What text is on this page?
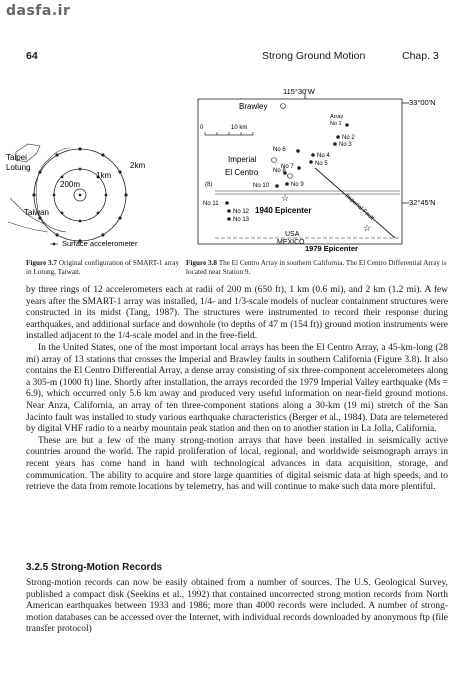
dasfa.ir
64	Strong Ground Motion	Chap. 3
Taipei
Lotung	2km
1km
200m
Taiwan
Surface accelerometer
115°30'W
33°00'N
32°45'N
Brawley
0	10 km
Array
No 1
No 2
No 3
No 4
No 5
No 6
Imperial
No 7
El Centro No 8
No 9
No 10
(8)
No 11
☆
No 12 1940 Epicenter
No 13	Imperial Fault
USA
MEXICO
☆
1979 Epicenter
Figure 3.7 Original configuration of SMART-1 array in Lotung, Taiwan.
Figure 3.8 The El Centro Array in southern California. The El Centro Differential Array is located near Station 9.

by three rings of 12 accelerometers each at radii of 200 m (650 ft), 1 km (0.6 mi), and 2 km (1.2 mi). A few years after the SMART-1 array was installed, 1/4- and 1/3-scale models of nuclear containment structures were constructed in its midst (Tang, 1987). The structures were instrumented to record their response during earthquakes, and additional surface and downhole (to depths of 47 m (154 ft)) ground motion instruments were installed adjacent to the 1/4-scale model and in the free-field.

In the United States, one of the most important local arrays has been the El Centro Array, a 45-km-long (28 mi) array of 13 stations that crosses the Imperial and Brawley faults in southern California (Figure 3.8). It also contains the El Centro Differential Array, a dense array consisting of six three-component accelerometers along a 305-m (1000 ft) line. Shortly after installation, the arrays recorded the 1979 Imperial Valley earthquake (Ms = 6.9), which occurred only 5.6 km away and produced very useful information on near-field ground motions. Near Anza, California, an array of ten three-component stations along a 30-km (19 mi) stretch of the San Jacinto fault was installed to study various earthquake characteristics (Berger et al., 1984). Data are telemetered by digital VHF radio to a nearby mountain peak station and then on to another station in La Jolla, California.

These are but a few of the many strong-motion arrays that have been installed in seismically active countries around the world. The rapid proliferation of local, regional, and worldwide seismograph arrays in recent years has come hand in hand with technological advances in data acquisition, storage, and communication. The ability to acquire and store large quantities of digital seismic data at high speeds, and to retrieve the data from remote locations by telemetry, has and will continue to make such data more plentiful.

3.2.5 Strong-Motion Records

Strong-motion records can now be easily obtained from a number of sources. The U.S. Geological Survey, published a compact disk (Seekins et al., 1992) that contained uncorrected strong motion records from North American earthquakes between 1933 and 1986; more than 4000 records were included. A number of strong-motion databases can be accessed over the Internet, with individual records downloaded by anonymous ftp (file transfer protocol)
